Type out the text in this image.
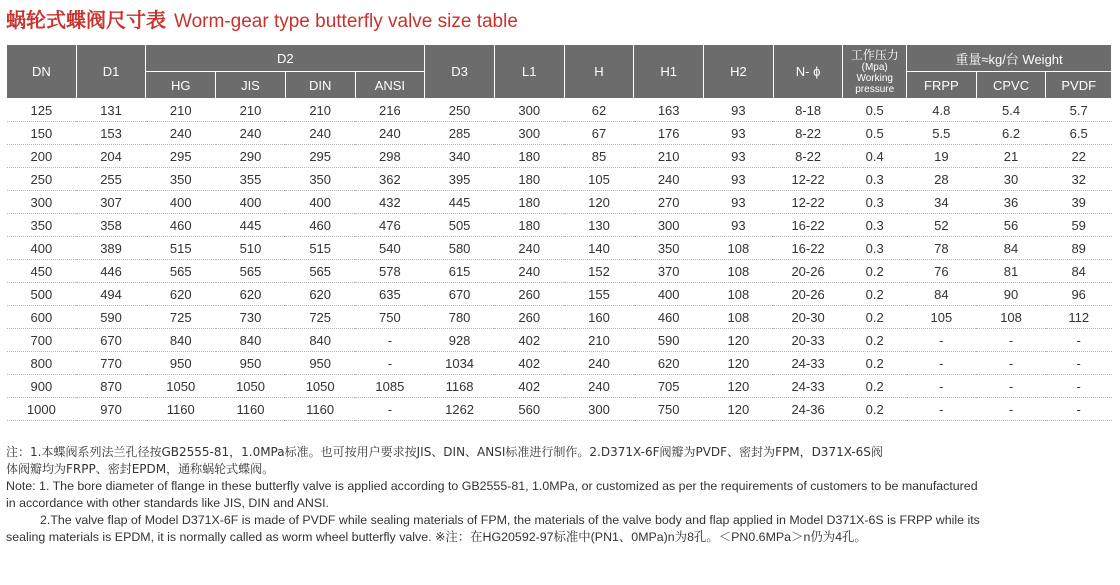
蜗轮式蝶阀尺寸表 Worm-gear type butterfly valve size table
DN	D1	D2				D3	L1	H	H1	H2	N- ϕ	工作压力
(Mpa)
Working
pressure	重量≈kg/台 Weight		
		HG	JIS	DIN	ANSI								FRPP	CPVC	PVDF
125	131	210	210	210	216	250	300	62	163	93	8-18	0.5	4.8	5.4	5.7
150	153	240	240	240	240	285	300	67	176	93	8-22	0.5	5.5	6.2	6.5
200	204	295	290	295	298	340	180	85	210	93	8-22	0.4	19	21	22
250	255	350	355	350	362	395	180	105	240	93	12-22	0.3	28	30	32
300	307	400	400	400	432	445	180	120	270	93	12-22	0.3	34	36	39
350	358	460	445	460	476	505	180	130	300	93	16-22	0.3	52	56	59
400	389	515	510	515	540	580	240	140	350	108	16-22	0.3	78	84	89
450	446	565	565	565	578	615	240	152	370	108	20-26	0.2	76	81	84
500	494	620	620	620	635	670	260	155	400	108	20-26	0.2	84	90	96
600	590	725	730	725	750	780	260	160	460	108	20-30	0.2	105	108	112
700	670	840	840	840	-	928	402	210	590	120	20-33	0.2	-	-	-
800	770	950	950	950	-	1034	402	240	620	120	24-33	0.2	-	-	-
900	870	1050	1050	1050	1085	1168	402	240	705	120	24-33	0.2	-	-	-
1000	970	1160	1160	1160	-	1262	560	300	750	120	24-36	0.2	-	-	-

注：1.本蝶阀系列法兰孔径按GB2555-81，1.0MPa标准。也可按用户要求按JIS、DIN、ANSI标准进行制作。2.D371X-6F阀瓣为PVDF、密封为FPM，D371X-6S阀

体阀瓣均为FRPP、密封EPDM，通称蜗轮式蝶阀。

Note: 1. The bore diameter of flange in these butterfly valve is applied according to GB2555-81, 1.0MPa, or customized as per the requirements of customers to be manufactured

in accordance with other standards like JIS, DIN and ANSI.

2.The valve flap of Model D371X-6F is made of PVDF while sealing materials of FPM, the materials of the valve body and flap applied in Model D371X-6S is FRPP while its

sealing materials is EPDM, it is normally called as worm wheel butterfly valve. ※注：在HG20592-97标准中(PN1、0MPa)n为8孔。＜PN0.6MPa＞n仍为4孔。
